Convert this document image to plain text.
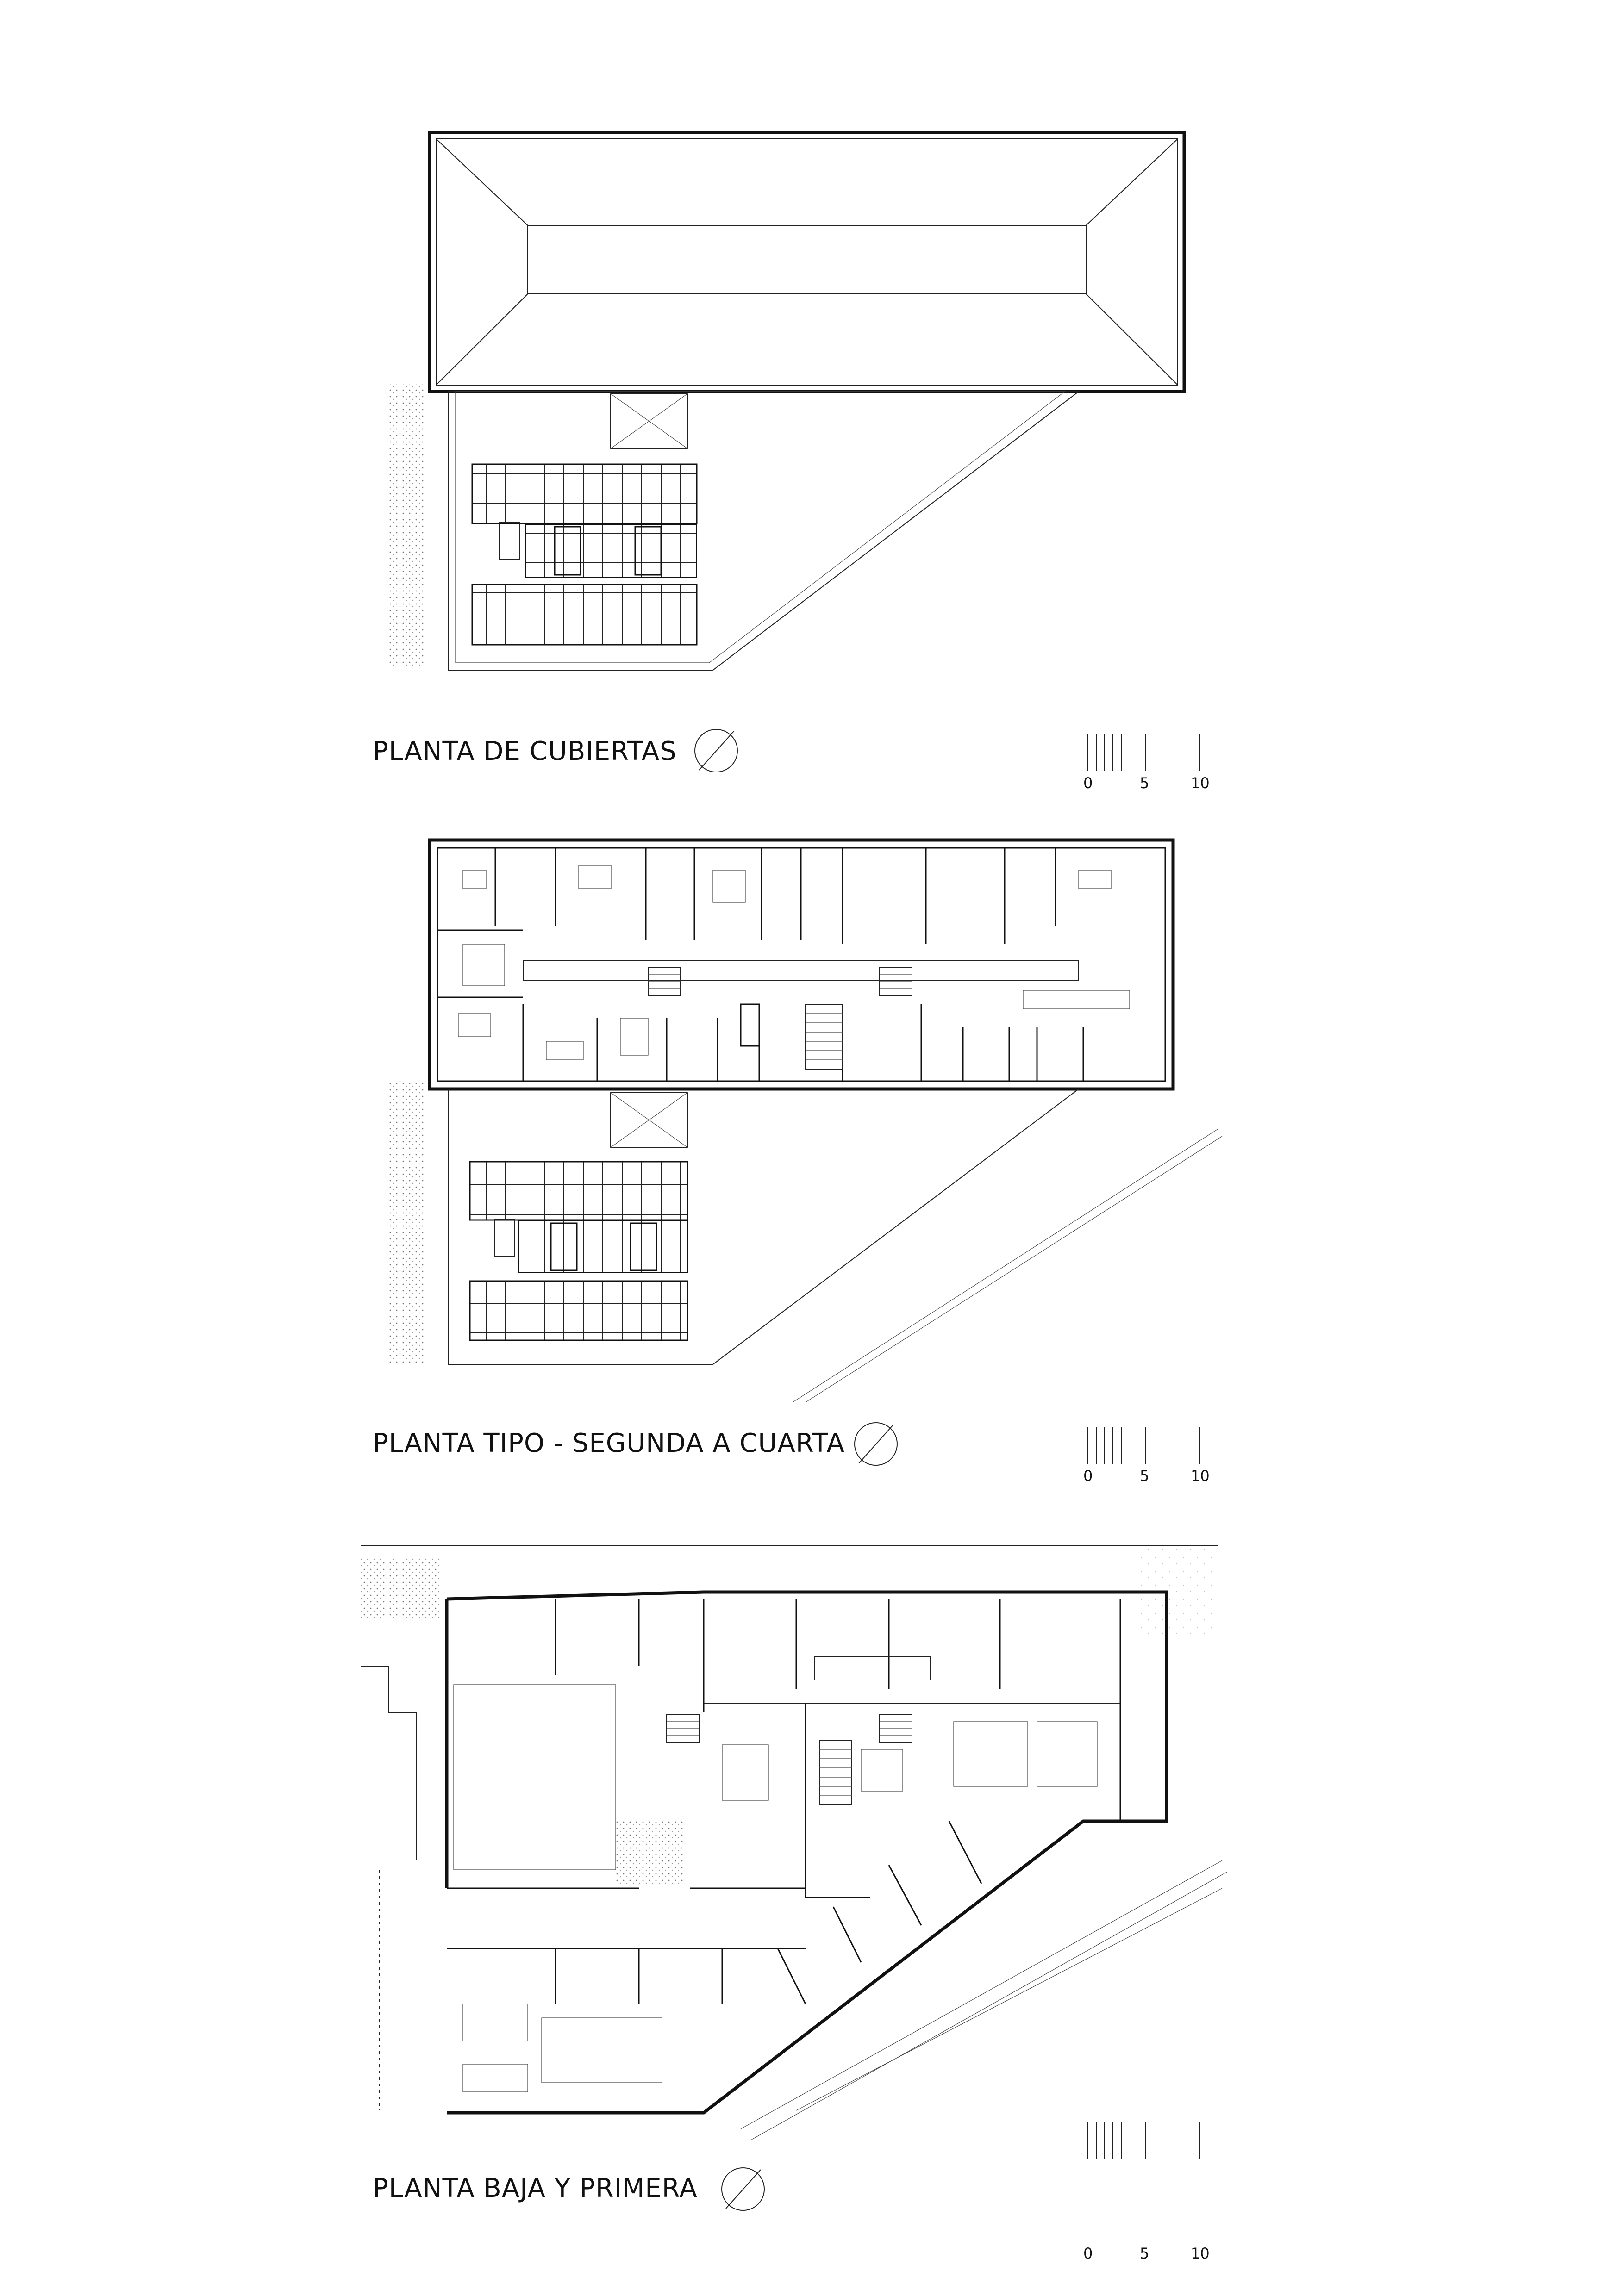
PLANTA DE CUBIERTAS
0	5	10
PLANTA TIPO - SEGUNDA A CUARTA
0	5	10
PLANTA BAJA Y PRIMERA
0	5	10
